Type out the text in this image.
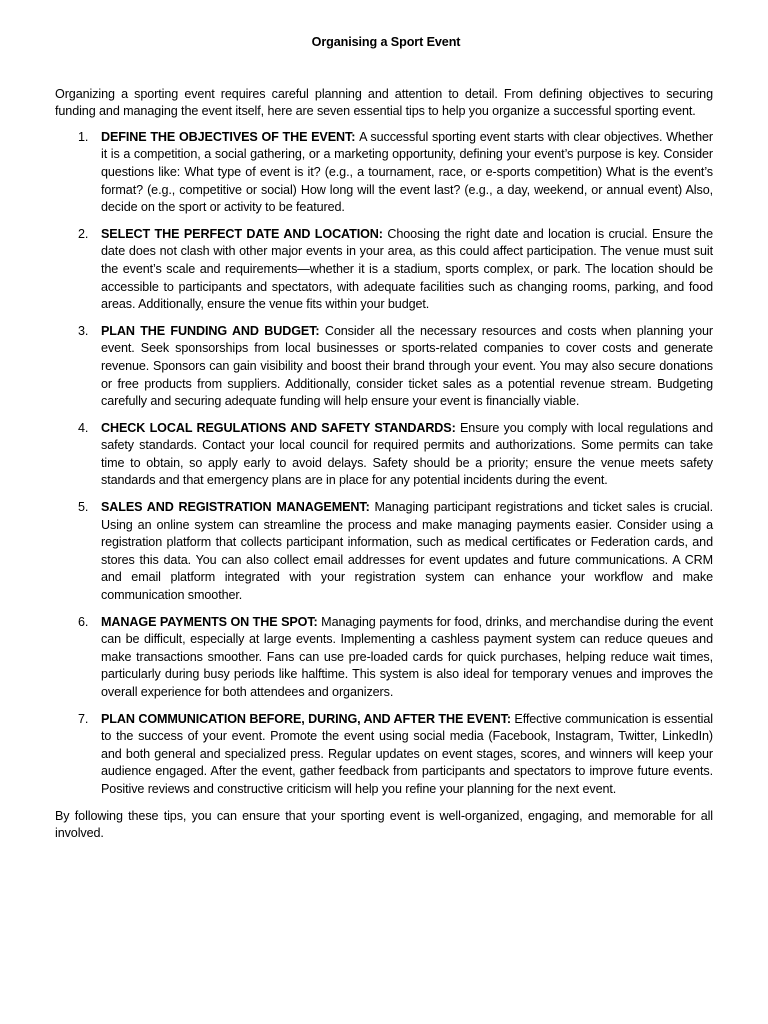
Organising a Sport Event

Organizing a sporting event requires careful planning and attention to detail. From defining objectives to securing funding and managing the event itself, here are seven essential tips to help you organize a successful sporting event.

1. DEFINE THE OBJECTIVES OF THE EVENT: A successful sporting event starts with clear objectives. Whether it is a competition, a social gathering, or a marketing opportunity, defining your event’s purpose is key. Consider questions like: What type of event is it? (e.g., a tournament, race, or e-sports competition) What is the event’s format? (e.g., competitive or social) How long will the event last? (e.g., a day, weekend, or annual event) Also, decide on the sport or activity to be featured.
2. SELECT THE PERFECT DATE AND LOCATION: Choosing the right date and location is crucial. Ensure the date does not clash with other major events in your area, as this could affect participation. The venue must suit the event’s scale and requirements—whether it is a stadium, sports complex, or park. The location should be accessible to participants and spectators, with adequate facilities such as changing rooms, parking, and food areas. Additionally, ensure the venue fits within your budget.
3. PLAN THE FUNDING AND BUDGET: Consider all the necessary resources and costs when planning your event. Seek sponsorships from local businesses or sports-related companies to cover costs and generate revenue. Sponsors can gain visibility and boost their brand through your event. You may also secure donations or free products from suppliers. Additionally, consider ticket sales as a potential revenue stream. Budgeting carefully and securing adequate funding will help ensure your event is financially viable.
4. CHECK LOCAL REGULATIONS AND SAFETY STANDARDS: Ensure you comply with local regulations and safety standards. Contact your local council for required permits and authorizations. Some permits can take time to obtain, so apply early to avoid delays. Safety should be a priority; ensure the venue meets safety standards and that emergency plans are in place for any potential incidents during the event.
5. SALES AND REGISTRATION MANAGEMENT: Managing participant registrations and ticket sales is crucial. Using an online system can streamline the process and make managing payments easier. Consider using a registration platform that collects participant information, such as medical certificates or Federation cards, and stores this data. You can also collect email addresses for event updates and future communications. A CRM and email platform integrated with your registration system can enhance your workflow and make communication smoother.
6. MANAGE PAYMENTS ON THE SPOT: Managing payments for food, drinks, and merchandise during the event can be difficult, especially at large events. Implementing a cashless payment system can reduce queues and make transactions smoother. Fans can use pre-loaded cards for quick purchases, helping reduce wait times, particularly during busy periods like halftime. This system is also ideal for temporary venues and improves the overall experience for both attendees and organizers.
7. PLAN COMMUNICATION BEFORE, DURING, AND AFTER THE EVENT: Effective communication is essential to the success of your event. Promote the event using social media (Facebook, Instagram, Twitter, LinkedIn) and both general and specialized press. Regular updates on event stages, scores, and winners will keep your audience engaged. After the event, gather feedback from participants and spectators to improve future events. Positive reviews and constructive criticism will help you refine your planning for the next event.

By following these tips, you can ensure that your sporting event is well-organized, engaging, and memorable for all involved.
